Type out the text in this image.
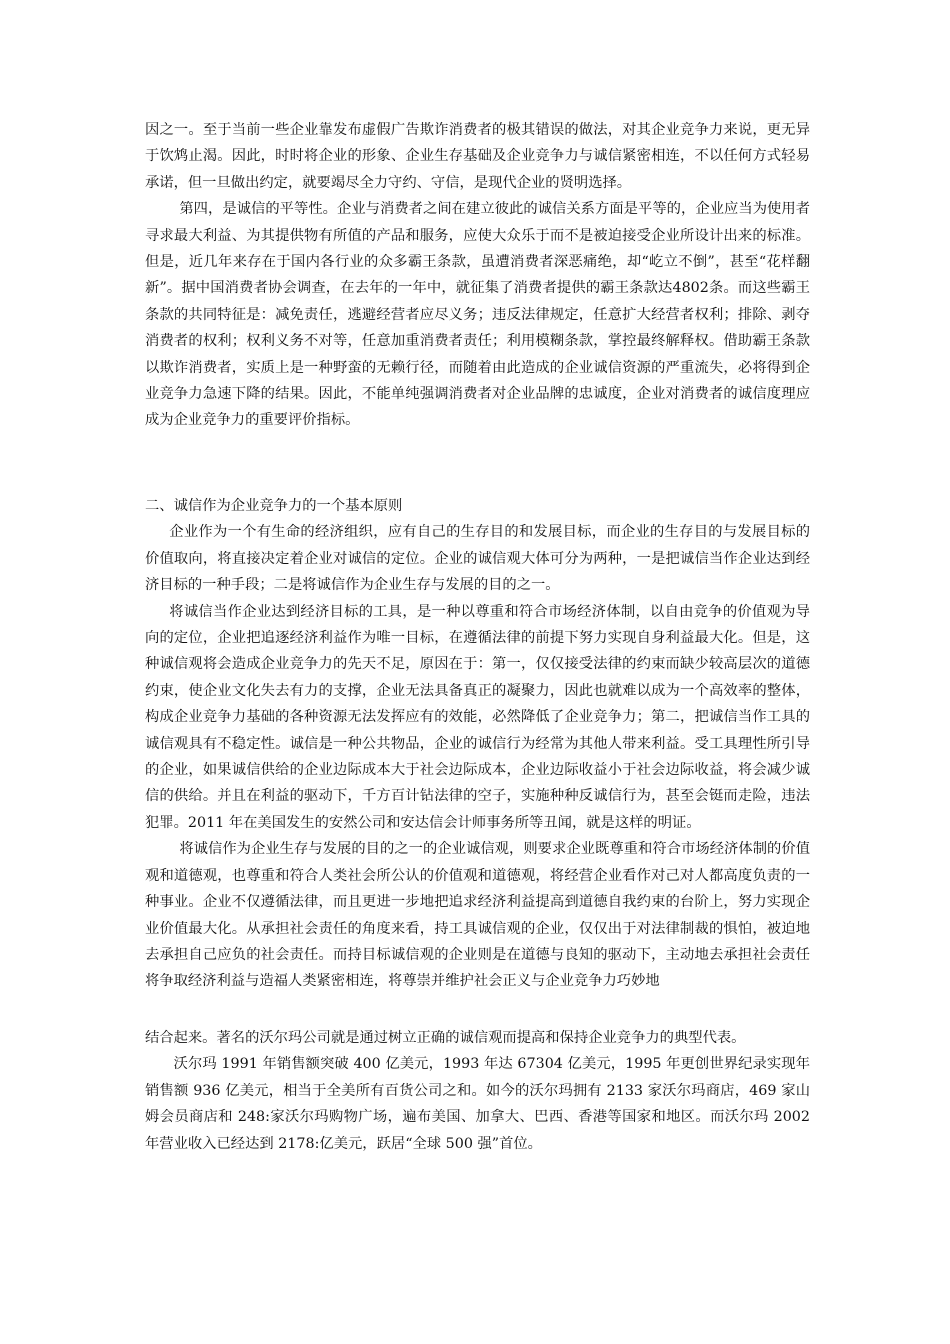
因之一。至于当前一些企业靠发布虚假广告欺诈消费者的极其错误的做法，对其企业竞争力来说，更无异于饮鸩止渴。因此，时时将企业的形象、企业生存基础及企业竞争力与诚信紧密相连，不以任何方式轻易承诺，但一旦做出约定，就要竭尽全力守约、守信，是现代企业的贤明选择。

第四，是诚信的平等性。企业与消费者之间在建立彼此的诚信关系方面是平等的，企业应当为使用者寻求最大利益、为其提供物有所值的产品和服务，应使大众乐于而不是被迫接受企业所设计出来的标准。但是，近几年来存在于国内各行业的众多霸王条款，虽遭消费者深恶痛绝，却“屹立不倒”，甚至“花样翻新”。据中国消费者协会调查，在去年的一年中，就征集了消费者提供的霸王条款达4802条。而这些霸王条款的共同特征是：减免责任，逃避经营者应尽义务；违反法律规定，任意扩大经营者权利；排除、剥夺消费者的权利；权利义务不对等，任意加重消费者责任；利用模糊条款，掌控最终解释权。借助霸王条款以欺诈消费者，实质上是一种野蛮的无赖行径，而随着由此造成的企业诚信资源的严重流失，必将得到企业竞争力急速下降的结果。因此，不能单纯强调消费者对企业品牌的忠诚度，企业对消费者的诚信度理应成为企业竞争力的重要评价指标。

二、诚信作为企业竞争力的一个基本原则

企业作为一个有生命的经济组织，应有自己的生存目的和发展目标，而企业的生存目的与发展目标的价值取向，将直接决定着企业对诚信的定位。企业的诚信观大体可分为两种，一是把诚信当作企业达到经济目标的一种手段；二是将诚信作为企业生存与发展的目的之一。

将诚信当作企业达到经济目标的工具，是一种以尊重和符合市场经济体制，以自由竞争的价值观为导向的定位，企业把追逐经济利益作为唯一目标，在遵循法律的前提下努力实现自身利益最大化。但是，这种诚信观将会造成企业竞争力的先天不足，原因在于：第一，仅仅接受法律的约束而缺少较高层次的道德约束，使企业文化失去有力的支撑，企业无法具备真正的凝聚力，因此也就难以成为一个高效率的整体，构成企业竞争力基础的各种资源无法发挥应有的效能，必然降低了企业竞争力；第二，把诚信当作工具的诚信观具有不稳定性。诚信是一种公共物品，企业的诚信行为经常为其他人带来利益。受工具理性所引导的企业，如果诚信供给的企业边际成本大于社会边际成本，企业边际收益小于社会边际收益，将会减少诚信的供给。并且在利益的驱动下，千方百计钻法律的空子，实施种种反诚信行为，甚至会铤而走险，违法犯罪。2011 年在美国发生的安然公司和安达信会计师事务所等丑闻，就是这样的明证。

将诚信作为企业生存与发展的目的之一的企业诚信观，则要求企业既尊重和符合市场经济体制的价值观和道德观，也尊重和符合人类社会所公认的价值观和道德观，将经营企业看作对己对人都高度负责的一种事业。企业不仅遵循法律，而且更进一步地把追求经济利益提高到道德自我约束的台阶上，努力实现企业价值最大化。从承担社会责任的角度来看，持工具诚信观的企业，仅仅出于对法律制裁的惧怕，被迫地去承担自己应负的社会责任。而持目标诚信观的企业则是在道德与良知的驱动下，主动地去承担社会责任将争取经济利益与造福人类紧密相连，将尊崇并维护社会正义与企业竞争力巧妙地

结合起来。著名的沃尔玛公司就是通过树立正确的诚信观而提高和保持企业竞争力的典型代表。

沃尔玛 1991 年销售额突破 400 亿美元，1993 年达 67304 亿美元，1995 年更创世界纪录实现年销售额 936 亿美元，相当于全美所有百货公司之和。如今的沃尔玛拥有 2133 家沃尔玛商店，469 家山姆会员商店和 248:家沃尔玛购物广场，遍布美国、加拿大、巴西、香港等国家和地区。而沃尔玛 2002 年营业收入已经达到 2178:亿美元，跃居“全球 500 强”首位。
